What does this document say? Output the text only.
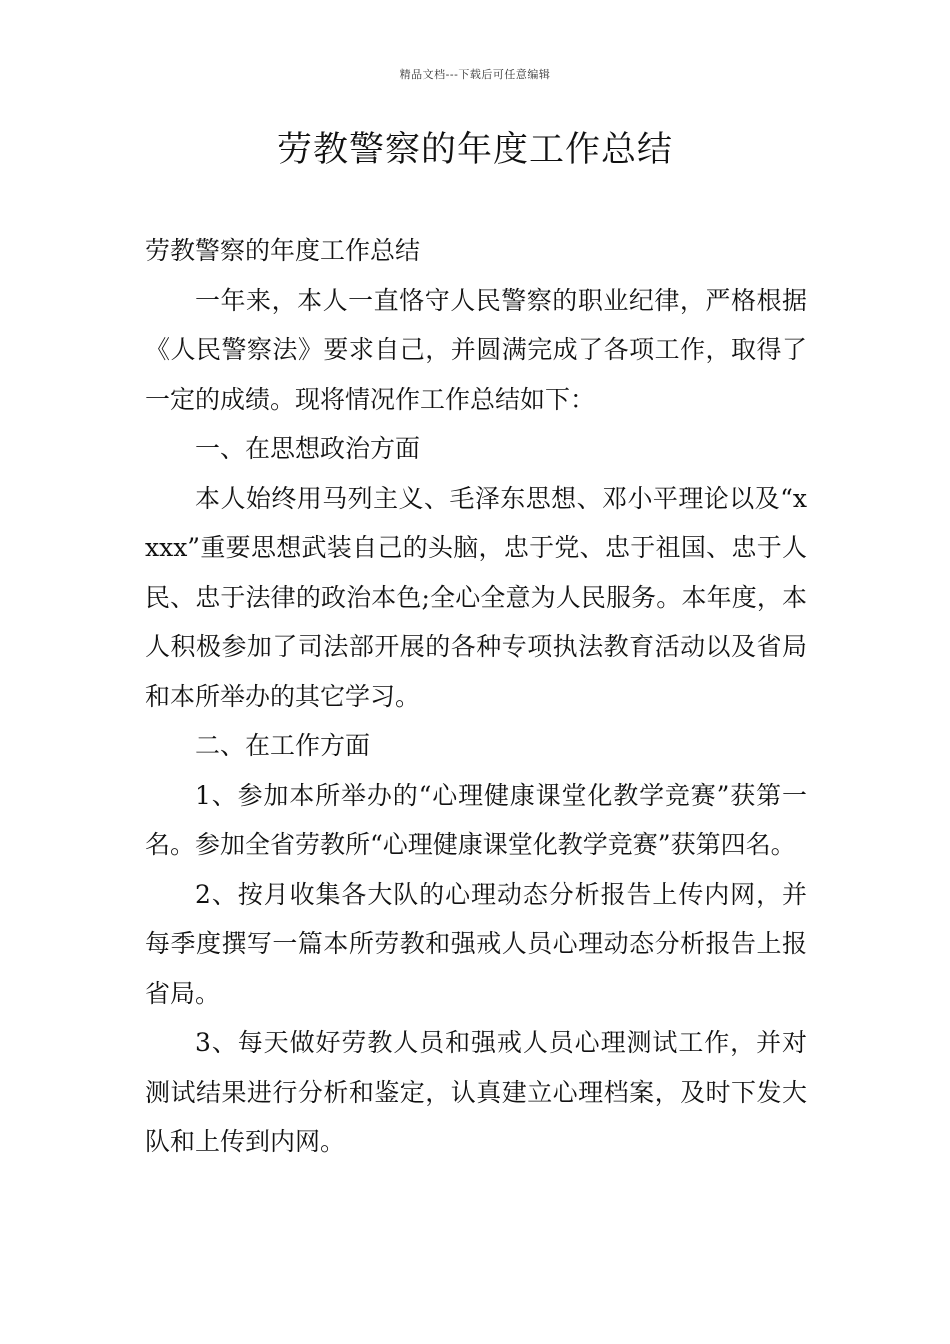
精品文档---下载后可任意编辑
劳教警察的年度工作总结

劳教警察的年度工作总结

一年来，本人一直恪守人民警察的职业纪律，严格根据《人民警察法》要求自己，并圆满完成了各项工作，取得了一定的成绩。现将情况作工作总结如下：

一、在思想政治方面

本人始终用马列主义、毛泽东思想、邓小平理论以及“xxxx”重要思想武装自己的头脑，忠于党、忠于祖国、忠于人民、忠于法律的政治本色;全心全意为人民服务。本年度，本人积极参加了司法部开展的各种专项执法教育活动以及省局和本所举办的其它学习。

二、在工作方面

1、参加本所举办的“心理健康课堂化教学竞赛”获第一名。参加全省劳教所“心理健康课堂化教学竞赛”获第四名。

2、按月收集各大队的心理动态分析报告上传内网，并每季度撰写一篇本所劳教和强戒人员心理动态分析报告上报省局。

3、每天做好劳教人员和强戒人员心理测试工作，并对测试结果进行分析和鉴定，认真建立心理档案，及时下发大队和上传到内网。
